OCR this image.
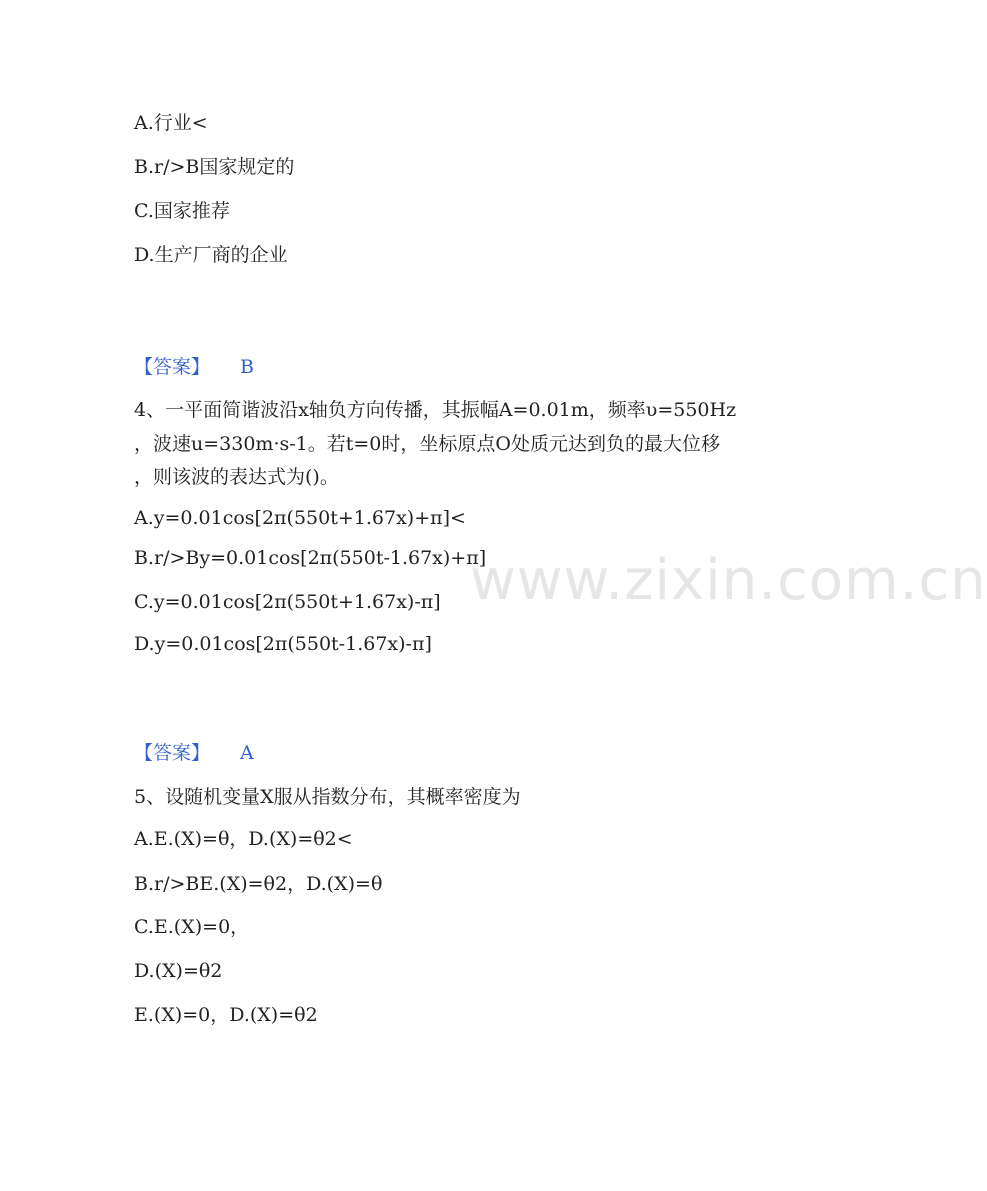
www.zixin.com.cn
A.行业<
B.r/>B国家规定的
C.国家推荐
D.生产厂商的企业
【答案】 B
4、一平面简谐波沿x轴负方向传播，其振幅A=0.01m，频率υ=550Hz
，波速u=330m·s-1。若t=0时，坐标原点O处质元达到负的最大位移
，则该波的表达式为()。
A.y=0.01cos[2π(550t+1.67x)+π]<
B.r/>By=0.01cos[2π(550t-1.67x)+π]
C.y=0.01cos[2π(550t+1.67x)-π]
D.y=0.01cos[2π(550t-1.67x)-π]
【答案】 A
5、设随机变量X服从指数分布，其概率密度为
A.E.(X)=θ，D.(X)=θ2<
B.r/>BE.(X)=θ2，D.(X)=θ
C.E.(X)=0，
D.(X)=θ2
E.(X)=0，D.(X)=θ2
